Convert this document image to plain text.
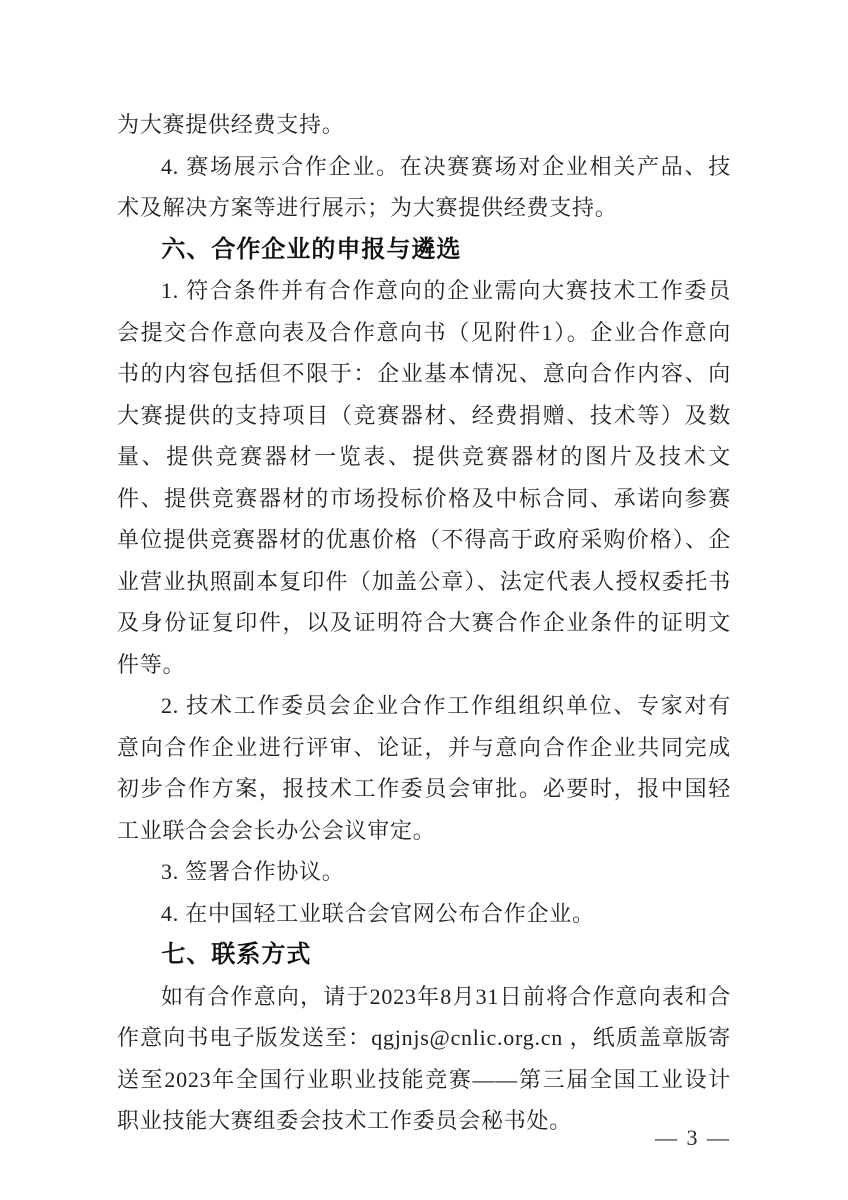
为大赛提供经费支持。

4. 赛场展示合作企业。在决赛赛场对企业相关产品、技术及解决方案等进行展示；为大赛提供经费支持。

六、合作企业的申报与遴选

1. 符合条件并有合作意向的企业需向大赛技术工作委员会提交合作意向表及合作意向书（见附件1）。企业合作意向书的内容包括但不限于：企业基本情况、意向合作内容、向大赛提供的支持项目（竞赛器材、经费捐赠、技术等）及数量、提供竞赛器材一览表、提供竞赛器材的图片及技术文件、提供竞赛器材的市场投标价格及中标合同、承诺向参赛单位提供竞赛器材的优惠价格（不得高于政府采购价格）、企业营业执照副本复印件（加盖公章）、法定代表人授权委托书及身份证复印件，以及证明符合大赛合作企业条件的证明文件等。

2. 技术工作委员会企业合作工作组组织单位、专家对有意向合作企业进行评审、论证，并与意向合作企业共同完成初步合作方案，报技术工作委员会审批。必要时，报中国轻工业联合会会长办公会议审定。

3. 签署合作协议。

4. 在中国轻工业联合会官网公布合作企业。

七、联系方式

如有合作意向，请于2023年8月31日前将合作意向表和合作意向书电子版发送至：qgjnjs@cnlic.org.cn ，纸质盖章版寄送至2023年全国行业职业技能竞赛——第三届全国工业设计职业技能大赛组委会技术工作委员会秘书处。

— 3 —
